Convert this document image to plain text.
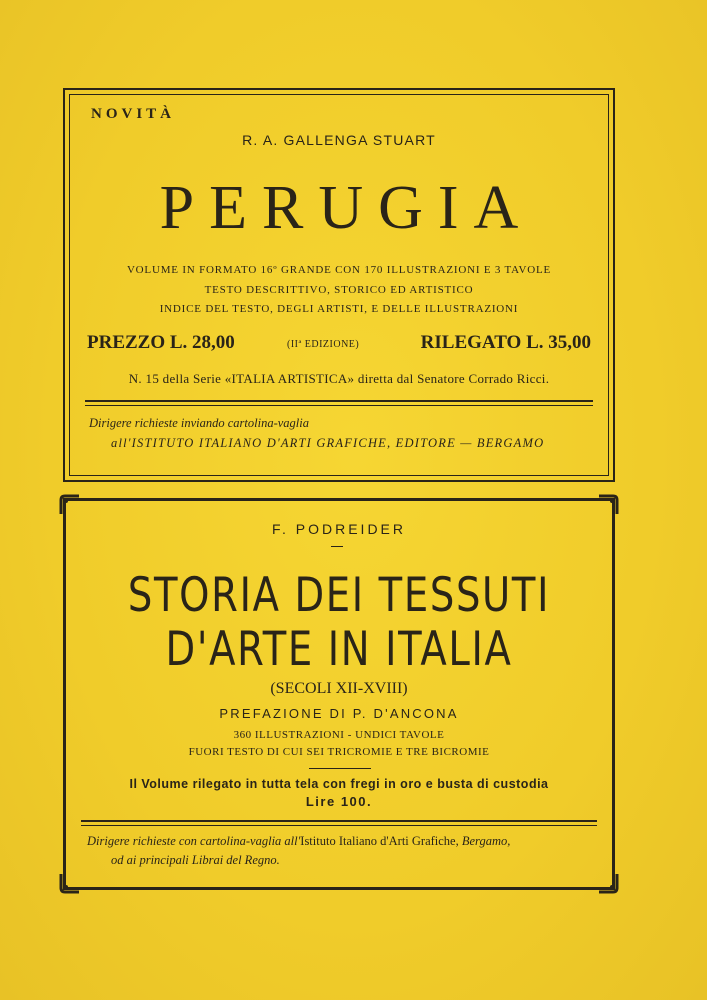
NOVITÀ
R. A. GALLENGA STUART
PERUGIA
VOLUME IN FORMATO 16º GRANDE CON 170 ILLUSTRAZIONI E 3 TAVOLE
TESTO DESCRITTIVO, STORICO ED ARTISTICO
INDICE DEL TESTO, DEGLI ARTISTI, E DELLE ILLUSTRAZIONI
PREZZO L. 28,00	(IIª EDIZIONE)	RILEGATO L. 35,00
N. 15 della Serie «ITALIA ARTISTICA» diretta dal Senatore Corrado Ricci.
Dirigere richieste inviando cartolina-vaglia
all'ISTITUTO ITALIANO D'ARTI GRAFICHE, EDITORE — BERGAMO
F. PODREIDER
STORIA DEI TESSUTI
D'ARTE IN ITALIA
(SECOLI XII-XVIII)
PREFAZIONE DI P. D'ANCONA
360 ILLUSTRAZIONI - UNDICI TAVOLE
FUORI TESTO DI CUI SEI TRICROMIE E TRE BICROMIE
Il Volume rilegato in tutta tela con fregi in oro e busta di custodia
Lire 100.
Dirigere richieste con cartolina-vaglia all'Istituto Italiano d'Arti Grafiche, Bergamo,
od ai principali Librai del Regno.
